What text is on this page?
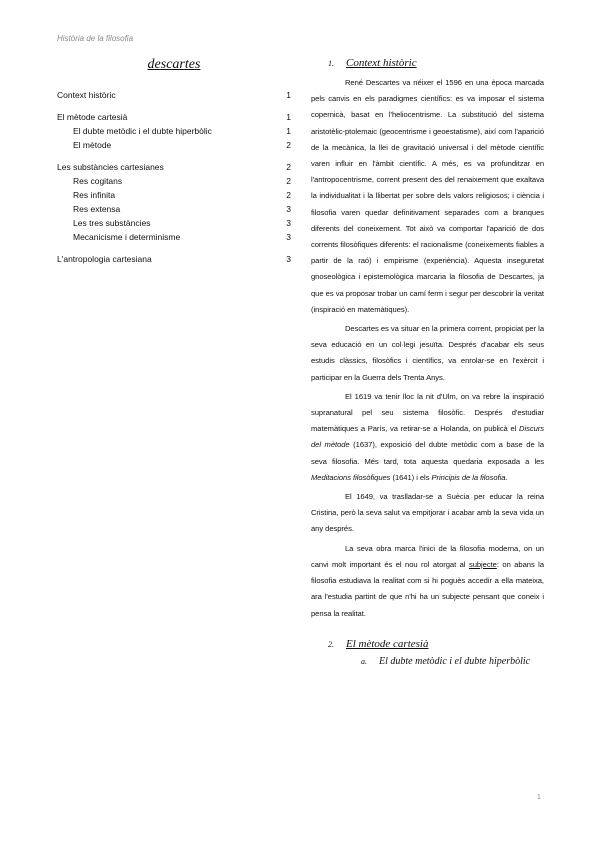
Història de la filosofia
descartes
Context històric	1
El mètode cartesià	1
El dubte metòdic i el dubte hiperbòlic	1
El mètode	2
Les substàncies cartesianes	2
Res cogitans	2
Res infinita	2
Res extensa	3
Les tres substàncies	3
Mecanicisme i determinisme	3
L'antropologia cartesiana	3
1. Context històric

René Descartes va néixer el 1596 en una època marcada pels canvis en els paradigmes científics: es va imposar el sistema copernicà, basat en l'heliocentrisme. La substitució del sistema aristotèlic-ptolemaic (geocentrisme i geoestatisme), així com l'aparició de la mecànica, la llei de gravitació universal i del mètode científic varen influir en l'àmbit científic. A més, es va profunditzar en l'antropocentrisme, corrent present des del renaixement que exaltava la individualitat i la llibertat per sobre dels valors religiosos; i ciència i filosofia varen quedar definitivament separades com a branques diferents del coneixement. Tot això va comportar l'aparició de dos corrents filosòfiques diferents: el racionalisme (coneixements fiables a partir de la raó) i empirisme (experiència). Aquesta inseguretat gnoseològica i epistemològica marcaria la filosofia de Descartes, ja que es va proposar trobar un camí ferm i segur per descobrir la veritat (inspiració en matemàtiques).

Descartes es va situar en la primera corrent, propiciat per la seva educació en un col·legi jesuïta. Després d'acabar els seus estudis clàssics, filosòfics i científics, va enrolar-se en l'exèrcit i participar en la Guerra dels Trenta Anys.

El 1619 va tenir lloc la nit d'Ulm, on va rebre la inspiració supranatural pel seu sistema filosòfic. Després d'estudiar matemàtiques a París, va retirar-se a Holanda, on publicà el Discurs del mètode (1637), exposició del dubte metòdic com a base de la seva filosofia. Més tard, tota aquesta quedaria exposada a les Meditacions filosòfiques (1641) i els Principis de la filosofia.

El 1649, va traslladar-se a Suècia per educar la reina Cristina, però la seva salut va empitjorar i acabar amb la seva vida un any després.

La seva obra marca l'inici de la filosofia moderna, on un canvi molt important és el nou rol atorgat al subjecte: on abans la filosofia estudiava la realitat com si hi poguès accedir a ella mateixa, ara l'estudia partint de que n'hi ha un subjecte pensant que coneix i pensa la realitat.

2. El mètode cartesià
a.	El dubte metòdic i el dubte hiperbòlic
1
